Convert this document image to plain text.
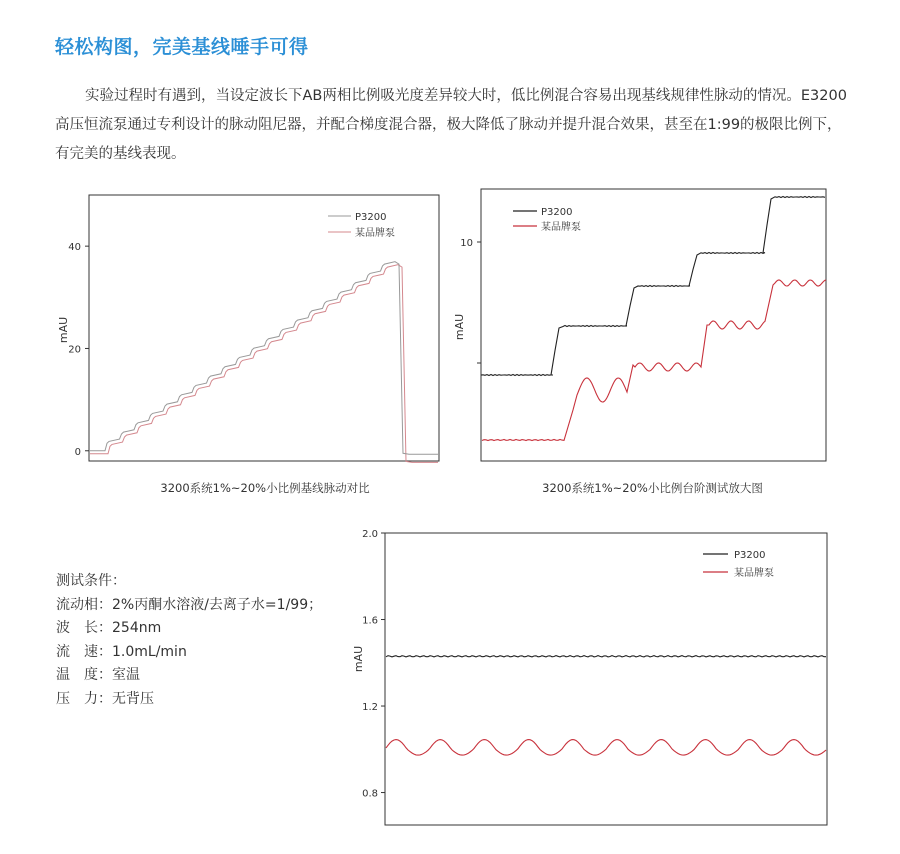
轻松构图，完美基线唾手可得

实验过程时有遇到，当设定波长下AB两相比例吸光度差异较大时，低比例混合容易出现基线规律性脉动的情况。E3200高压恒流泵通过专利设计的脉动阻尼器，并配合梯度混合器，极大降低了脉动并提升混合效果，甚至在1:99的极限比例下，有完美的基线表现。

0
20
40
mAU
P3200
某品牌泵
3200系统1%~20%小比例基线脉动对比
10
mAU
P3200
某品牌泵
3200系统1%~20%小比例台阶测试放大图
测试条件：
流动相：2%丙酮水溶液/去离子水=1/99；
波　长：254nm
流　速：1.0mL/min
温　度：室温
压　力：无背压
0.8
1.2
1.6
2.0
mAU
P3200
某品牌泵
